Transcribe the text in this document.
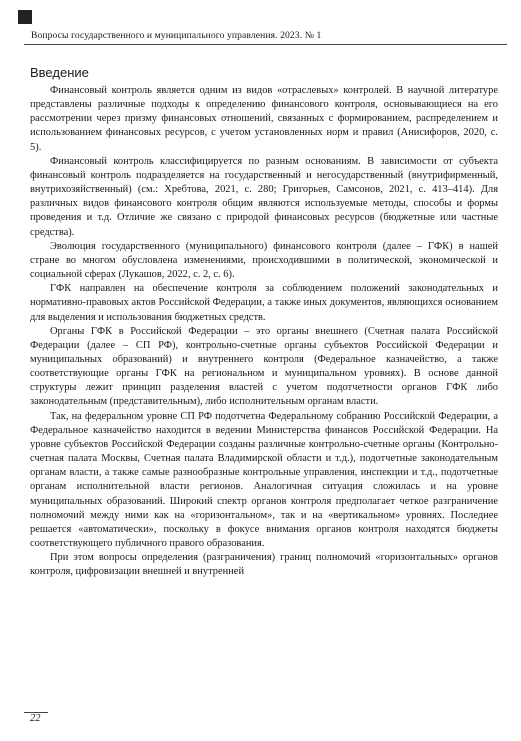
Вопросы государственного и муниципального управления. 2023. № 1
Введение

Финансовый контроль является одним из видов «отраслевых» контролей. В научной литературе представлены различные подходы к определению финансового контроля, основывающиеся на его рассмотрении через призму финансовых отношений, связанных с формированием, распределением и использованием финансовых ресурсов, с учетом установленных норм и правил (Анисифоров, 2020, с. 5).

Финансовый контроль классифицируется по разным основаниям. В зависимости от субъекта финансовый контроль подразделяется на государственный и негосударственный (внутрифирменный, внутрихозяйственный) (см.: Хребтова, 2021, с. 280; Григорьев, Самсонов, 2021, с. 413–414). Для различных видов финансового контроля общим являются используемые методы, способы и формы проведения и т.д. Отличие же связано с природой финансовых ресурсов (бюджетные или частные средства).

Эволюция государственного (муниципального) финансового контроля (далее – ГФК) в нашей стране во многом обусловлена изменениями, происходившими в политической, экономической и социальной сферах (Лукашов, 2022, с. 2, с. 6).

ГФК направлен на обеспечение контроля за соблюдением положений законодательных и нормативно-правовых актов Российской Федерации, а также иных документов, являющихся основанием для выделения и использования бюджетных средств.

Органы ГФК в Российской Федерации – это органы внешнего (Счетная палата Российской Федерации (далее – СП РФ), контрольно-счетные органы субъектов Российской Федерации и муниципальных образований) и внутреннего контроля (Федеральное казначейство, а также соответствующие органы ГФК на региональном и муниципальном уровнях). В основе данной структуры лежит принцип разделения властей с учетом подотчетности органов ГФК либо законодательным (представительным), либо исполнительным органам власти.

Так, на федеральном уровне СП РФ подотчетна Федеральному собранию Российской Федерации, а Федеральное казначейство находится в ведении Министерства финансов Российской Федерации. На уровне субъектов Российской Федерации созданы различные контрольно-счетные органы (Контрольно-счетная палата Москвы, Счетная палата Владимирской области и т.д.), подотчетные законодательным органам власти, а также самые разнообразные контрольные управления, инспекции и т.д., подотчетные органам исполнительной власти регионов. Аналогичная ситуация сложилась и на уровне муниципальных образований. Широкий спектр органов контроля предполагает четкое разграничение полномочий между ними как на «горизонтальном», так и на «вертикальном» уровнях. Последнее решается «автоматически», поскольку в фокусе внимания органов контроля находятся бюджеты соответствующего публичного правого образования.

При этом вопросы определения (разграничения) границ полномочий «горизонтальных» органов контроля, цифровизации внешней и внутренней

22
